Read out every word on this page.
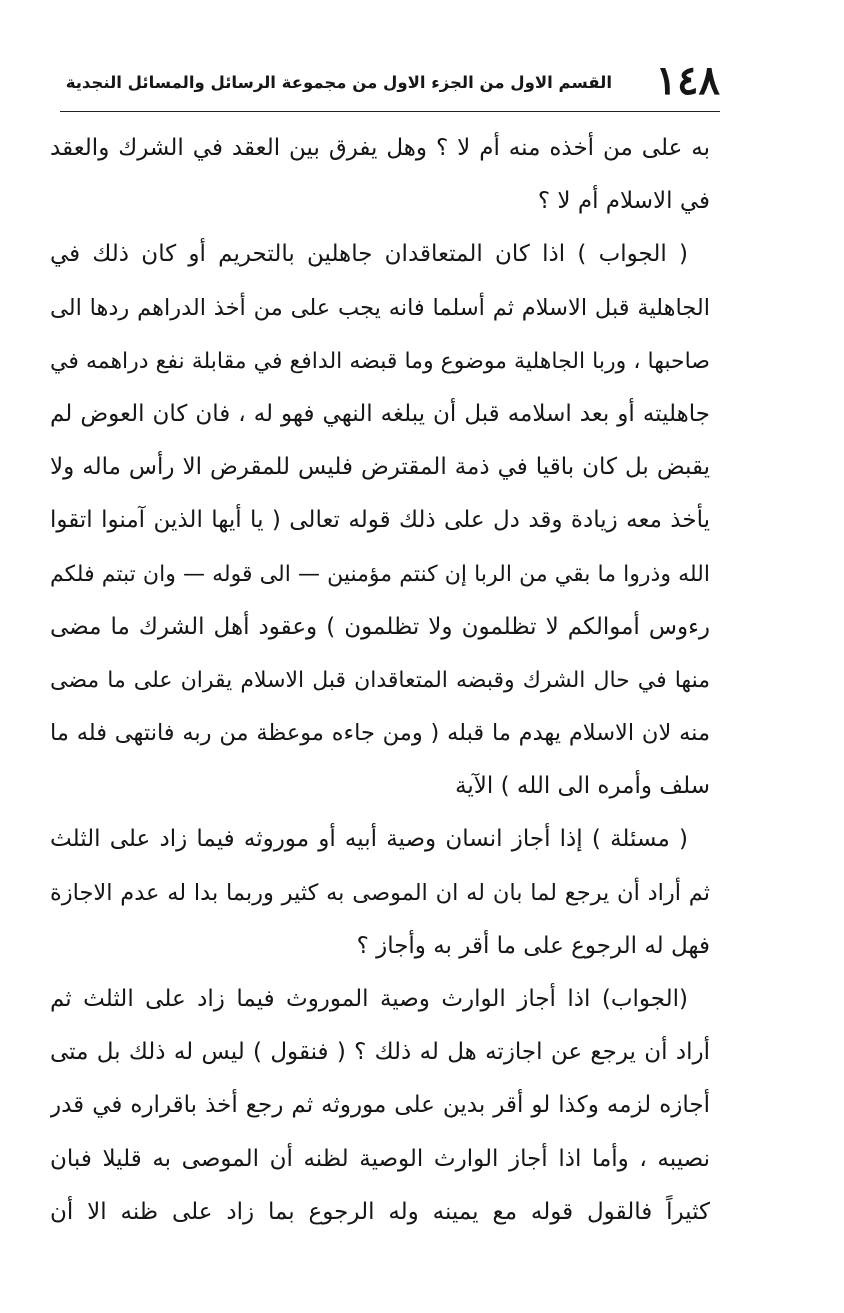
١٤٨
القسم الاول من الجزء الاول من مجموعة الرسائل والمسائل النجدية
به على من أخذه منه أم لا ؟ وهل يفرق بين العقد في الشرك والعقد
في الاسلام أم لا ؟
( الجواب ) اذا كان المتعاقدان جاهلين بالتحريم أو كان ذلك في
الجاهلية قبل الاسلام ثم أسلما فانه يجب على من أخذ الدراهم ردها الى
صاحبها ، وربا الجاهلية موضوع وما قبضه الدافع في مقابلة نفع دراهمه في
جاهليته أو بعد اسلامه قبل أن يبلغه النهي فهو له ، فان كان العوض لم
يقبض بل كان باقيا في ذمة المقترض فليس للمقرض الا رأس ماله ولا
يأخذ معه زيادة وقد دل على ذلك قوله تعالى ( يا أيها الذين آمنوا اتقوا
الله وذروا ما بقي من الربا إن كنتم مؤمنين — الى قوله — وان تبتم فلكم
رءوس أموالكم لا تظلمون ولا تظلمون ) وعقود أهل الشرك ما مضى
منها في حال الشرك وقبضه المتعاقدان قبل الاسلام يقران على ما مضى
منه لان الاسلام يهدم ما قبله ( ومن جاءه موعظة من ربه فانتهى فله ما
سلف وأمره الى الله ) الآية
( مسئلة ) إذا أجاز انسان وصية أبيه أو موروثه فيما زاد على الثلث
ثم أراد أن يرجع لما بان له ان الموصى به كثير وربما بدا له عدم الاجازة
فهل له الرجوع على ما أقر به وأجاز ؟
(الجواب) اذا أجاز الوارث وصية الموروث فيما زاد على الثلث ثم
أراد أن يرجع عن اجازته هل له ذلك ؟ ( فنقول ) ليس له ذلك بل متى
أجازه لزمه وكذا لو أقر بدين على موروثه ثم رجع أخذ باقراره في قدر
نصيبه ، وأما اذا أجاز الوارث الوصية لظنه أن الموصى به قليلا فبان
كثيراً فالقول قوله مع يمينه وله الرجوع بما زاد على ظنه الا أن
